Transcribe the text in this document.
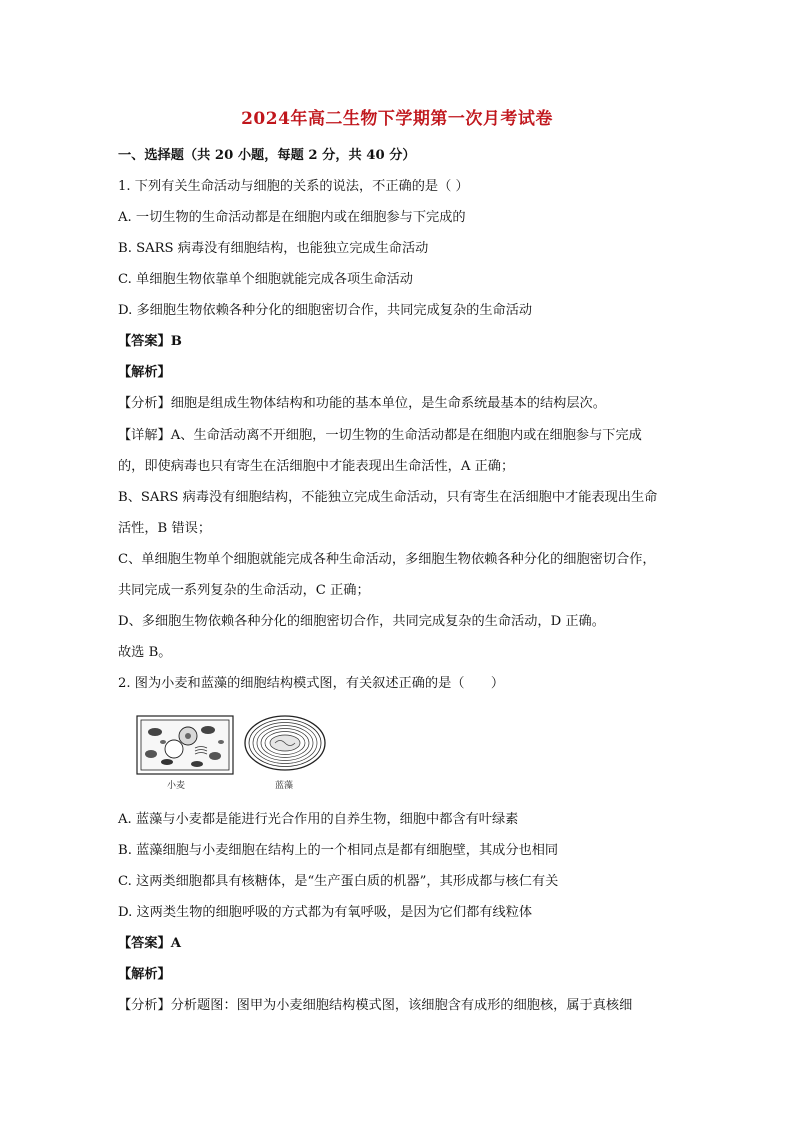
2024年高二生物下学期第一次月考试卷
一、选择题（共 20 小题，每题 2 分，共 40 分）
1. 下列有关生命活动与细胞的关系的说法，不正确的是（ ）
A. 一切生物的生命活动都是在细胞内或在细胞参与下完成的
B. SARS 病毒没有细胞结构，也能独立完成生命活动
C. 单细胞生物依靠单个细胞就能完成各项生命活动
D. 多细胞生物依赖各种分化的细胞密切合作，共同完成复杂的生命活动
【答案】B
【解析】
【分析】细胞是组成生物体结构和功能的基本单位，是生命系统最基本的结构层次。
【详解】A、生命活动离不开细胞，一切生物的生命活动都是在细胞内或在细胞参与下完成
的，即使病毒也只有寄生在活细胞中才能表现出生命活性，A 正确；
B、SARS 病毒没有细胞结构，不能独立完成生命活动，只有寄生在活细胞中才能表现出生命
活性，B 错误；
C、单细胞生物单个细胞就能完成各种生命活动，多细胞生物依赖各种分化的细胞密切合作，
共同完成一系列复杂的生命活动，C 正确；
D、多细胞生物依赖各种分化的细胞密切合作，共同完成复杂的生命活动，D 正确。
故选 B。
2. 图为小麦和蓝藻的细胞结构模式图，有关叙述正确的是（　　）
小麦	蓝藻
A. 蓝藻与小麦都是能进行光合作用的自养生物，细胞中都含有叶绿素
B. 蓝藻细胞与小麦细胞在结构上的一个相同点是都有细胞壁，其成分也相同
C. 这两类细胞都具有核糖体，是“生产蛋白质的机器”，其形成都与核仁有关
D. 这两类生物的细胞呼吸的方式都为有氧呼吸，是因为它们都有线粒体
【答案】A
【解析】
【分析】分析题图：图甲为小麦细胞结构模式图，该细胞含有成形的细胞核，属于真核细
